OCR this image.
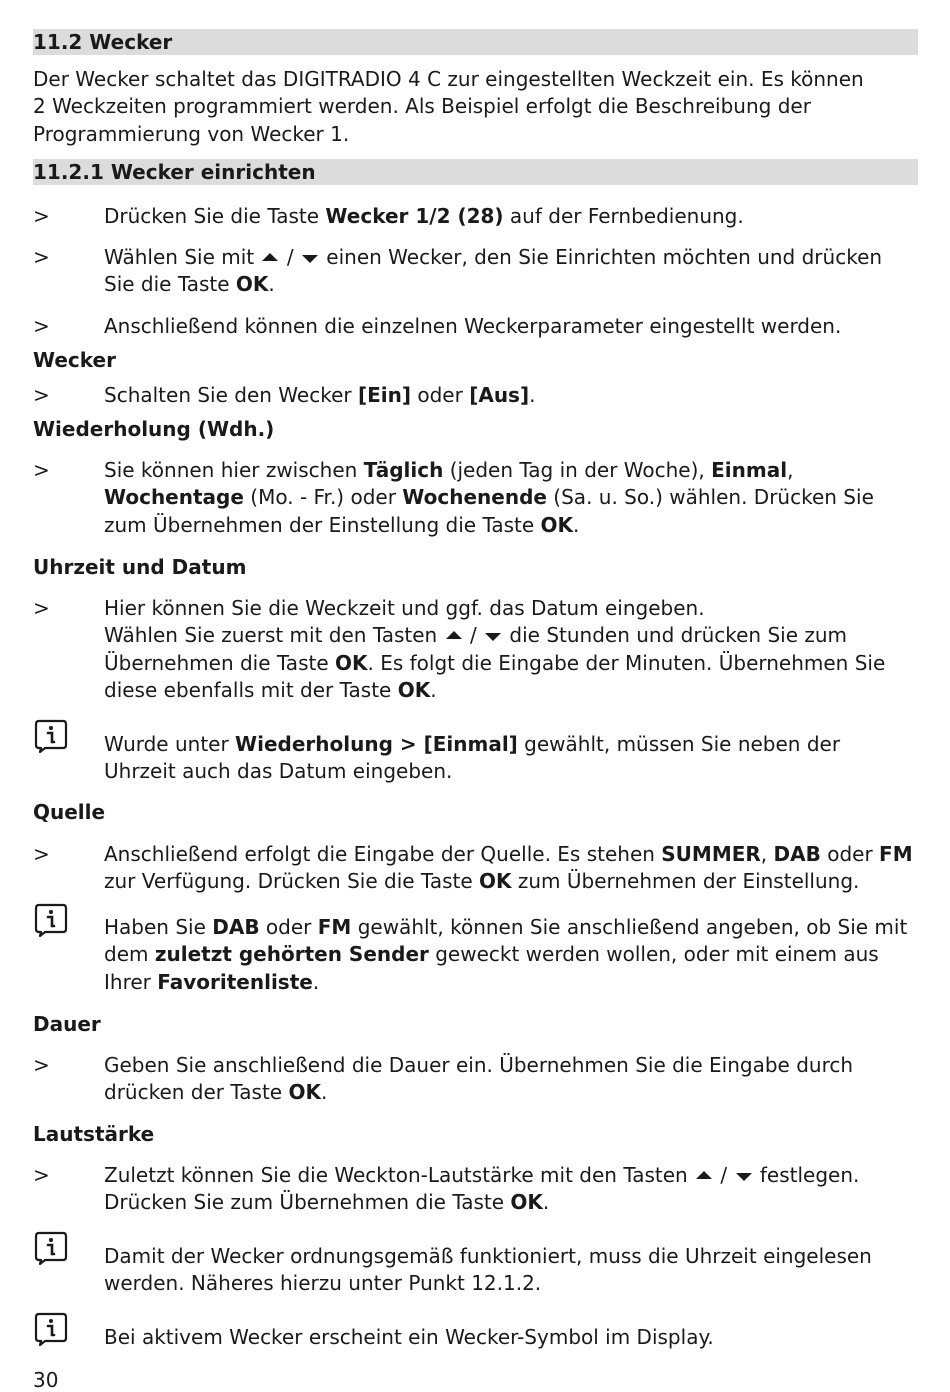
11.2 Wecker
Der Wecker schaltet das DIGITRADIO 4 C zur eingestellten Weckzeit ein. Es können
2 Weckzeiten programmiert werden. Als Beispiel erfolgt die Beschreibung der
Programmierung von Wecker 1.
11.2.1 Wecker einrichten
>	Drücken Sie die Taste Wecker 1/2 (28) auf der Fernbedienung.
>	Wählen Sie mit  /  einen Wecker, den Sie Einrichten möchten und drücken Sie die Taste OK.
>	Anschließend können die einzelnen Weckerparameter eingestellt werden.
Wecker
>	Schalten Sie den Wecker [Ein] oder [Aus].
Wiederholung (Wdh.)
>	Sie können hier zwischen Täglich (jeden Tag in der Woche), Einmal, Wochentage (Mo. - Fr.) oder Wochenende (Sa. u. So.) wählen. Drücken Sie zum Übernehmen der Einstellung die Taste OK.
Uhrzeit und Datum
>	Hier können Sie die Weckzeit und ggf. das Datum eingeben.
Wählen Sie zuerst mit den Tasten  /  die Stunden und drücken Sie zum Übernehmen die Taste OK. Es folgt die Eingabe der Minuten. Übernehmen Sie diese ebenfalls mit der Taste OK.
Wurde unter Wiederholung > [Einmal] gewählt, müssen Sie neben der Uhrzeit auch das Datum eingeben.
Quelle
>	Anschließend erfolgt die Eingabe der Quelle. Es stehen SUMMER, DAB oder FM zur Verfügung. Drücken Sie die Taste OK zum Übernehmen der Einstellung.
Haben Sie DAB oder FM gewählt, können Sie anschließend angeben, ob Sie mit dem zuletzt gehörten Sender geweckt werden wollen, oder mit einem aus Ihrer Favoritenliste.
Dauer
>	Geben Sie anschließend die Dauer ein. Übernehmen Sie die Eingabe durch drücken der Taste OK.
Lautstärke
>	Zuletzt können Sie die Weckton-Lautstärke mit den Tasten  /  festlegen. Drücken Sie zum Übernehmen die Taste OK.
Damit der Wecker ordnungsgemäß funktioniert, muss die Uhrzeit eingelesen werden. Näheres hierzu unter Punkt 12.1.2.
Bei aktivem Wecker erscheint ein Wecker-Symbol im Display.
30
